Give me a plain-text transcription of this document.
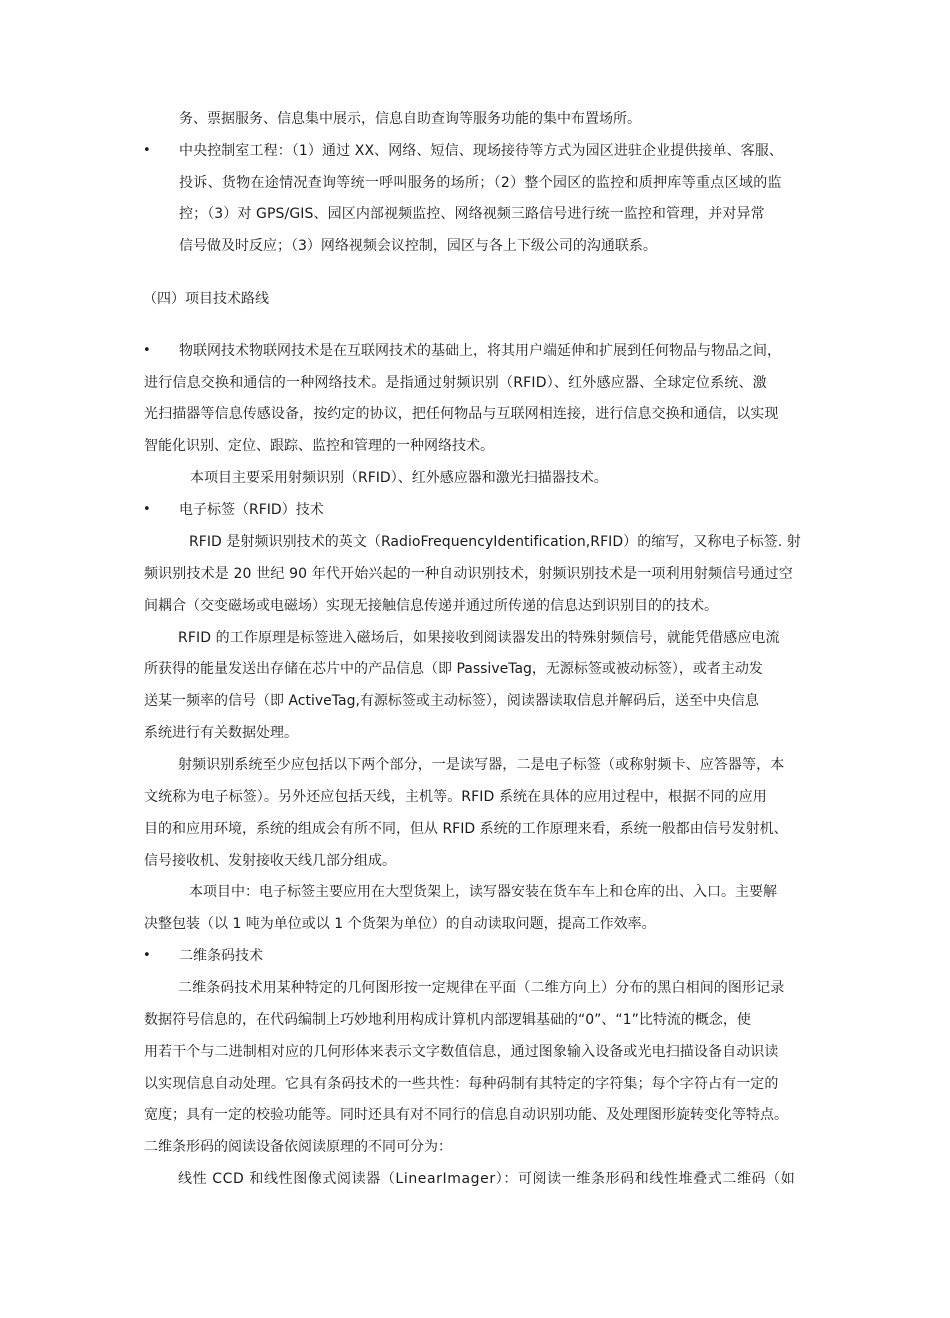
务、票据服务、信息集中展示，信息自助查询等服务功能的集中布置场所。
• 中央控制室工程：（1）通过 XX、网络、短信、现场接待等方式为园区进驻企业提供接单、客服、
投诉、货物在途情况查询等统一呼叫服务的场所；（2）整个园区的监控和质押库等重点区域的监
控；（3）对 GPS/GIS、园区内部视频监控、网络视频三路信号进行统一监控和管理，并对异常
信号做及时反应；（3）网络视频会议控制，园区与各上下级公司的沟通联系。
（四）项目技术路线
• 物联网技术物联网技术是在互联网技术的基础上，将其用户端延伸和扩展到任何物品与物品之间，
进行信息交换和通信的一种网络技术。是指通过射频识别（RFID）、红外感应器、全球定位系统、激
光扫描器等信息传感设备，按约定的协议，把任何物品与互联网相连接，进行信息交换和通信，以实现
智能化识别、定位、跟踪、监控和管理的一种网络技术。
本项目主要采用射频识别（RFID）、红外感应器和激光扫描器技术。
• 电子标签（RFID）技术
RFID 是射频识别技术的英文（RadioFrequencyIdentification,RFID）的缩写，又称电子标签. 射
频识别技术是 20 世纪 90 年代开始兴起的一种自动识别技术，射频识别技术是一项利用射频信号通过空
间耦合（交变磁场或电磁场）实现无接触信息传递并通过所传递的信息达到识别目的的技术。
RFID 的工作原理是标签进入磁场后，如果接收到阅读器发出的特殊射频信号，就能凭借感应电流
所获得的能量发送出存储在芯片中的产品信息（即 PassiveTag，无源标签或被动标签），或者主动发
送某一频率的信号（即 ActiveTag,有源标签或主动标签），阅读器读取信息并解码后，送至中央信息
系统进行有关数据处理。
射频识别系统至少应包括以下两个部分，一是读写器，二是电子标签（或称射频卡、应答器等，本
文统称为电子标签）。另外还应包括天线，主机等。RFID 系统在具体的应用过程中，根据不同的应用
目的和应用环境，系统的组成会有所不同，但从 RFID 系统的工作原理来看，系统一般都由信号发射机、
信号接收机、发射接收天线几部分组成。
本项目中：电子标签主要应用在大型货架上，读写器安装在货车车上和仓库的出、入口。主要解
决整包装（以 1 吨为单位或以 1 个货架为单位）的自动读取问题，提高工作效率。
• 二维条码技术
二维条码技术用某种特定的几何图形按一定规律在平面（二维方向上）分布的黑白相间的图形记录
数据符号信息的，在代码编制上巧妙地利用构成计算机内部逻辑基础的“0”、“1”比特流的概念，使
用若干个与二进制相对应的几何形体来表示文字数值信息，通过图象输入设备或光电扫描设备自动识读
以实现信息自动处理。它具有条码技术的一些共性：每种码制有其特定的字符集；每个字符占有一定的
宽度；具有一定的校验功能等。同时还具有对不同行的信息自动识别功能、及处理图形旋转变化等特点。
二维条形码的阅读设备依阅读原理的不同可分为：
线性 CCD 和线性图像式阅读器（LinearImager）：可阅读一维条形码和线性堆叠式二维码（如
